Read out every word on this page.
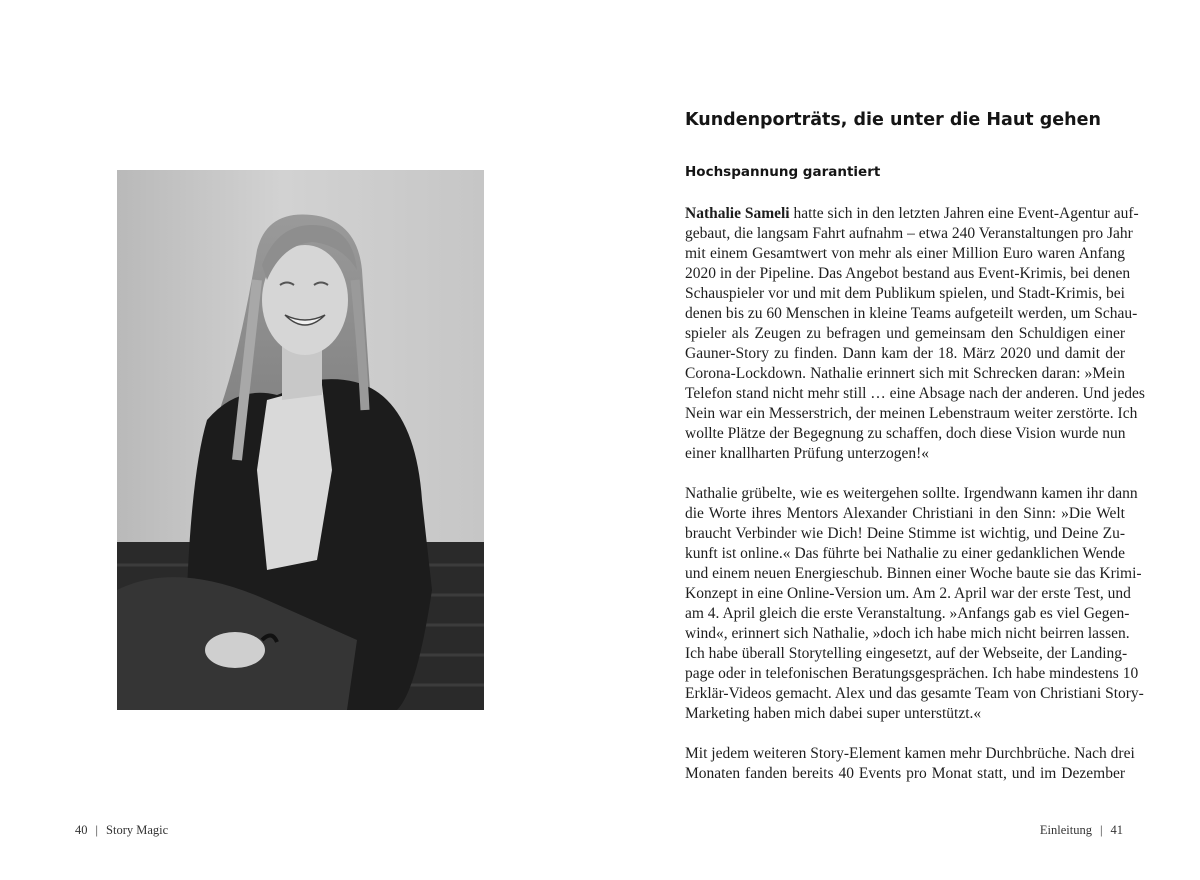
40 | Story Magic
Kundenporträts, die unter die Haut gehen
Hochspannung garantiert
Nathalie Sameli hatte sich in den letzten Jahren eine Event-Agentur auf-
gebaut, die langsam Fahrt aufnahm – etwa 240 Veranstaltungen pro Jahr
mit einem Gesamtwert von mehr als einer Million Euro waren Anfang
2020 in der Pipeline. Das Angebot bestand aus Event-Krimis, bei denen
Schauspieler vor und mit dem Publikum spielen, und Stadt-Krimis, bei
denen bis zu 60 Menschen in kleine Teams aufgeteilt werden, um Schau-
spieler als Zeugen zu befragen und gemeinsam den Schuldigen einer
Gauner-Story zu finden. Dann kam der 18. März 2020 und damit der
Corona-Lockdown. Nathalie erinnert sich mit Schrecken daran: »Mein
Telefon stand nicht mehr still … eine Absage nach der anderen. Und jedes
Nein war ein Messerstrich, der meinen Lebenstraum weiter zerstörte. Ich
wollte Plätze der Begegnung zu schaffen, doch diese Vision wurde nun
einer knallharten Prüfung unterzogen!«
Nathalie grübelte, wie es weitergehen sollte. Irgendwann kamen ihr dann
die Worte ihres Mentors Alexander Christiani in den Sinn: »Die Welt
braucht Verbinder wie Dich! Deine Stimme ist wichtig, und Deine Zu-
kunft ist online.« Das führte bei Nathalie zu einer gedanklichen Wende
und einem neuen Energieschub. Binnen einer Woche baute sie das Krimi-
Konzept in eine Online-Version um. Am 2. April war der erste Test, und
am 4. April gleich die erste Veranstaltung. »Anfangs gab es viel Gegen-
wind«, erinnert sich Nathalie, »doch ich habe mich nicht beirren lassen.
Ich habe überall Storytelling eingesetzt, auf der Webseite, der Landing-
page oder in telefonischen Beratungsgesprächen. Ich habe mindestens 10
Erklär-Videos gemacht. Alex und das gesamte Team von Christiani Story-
Marketing haben mich dabei super unterstützt.«
Mit jedem weiteren Story-Element kamen mehr Durchbrüche. Nach drei
Monaten fanden bereits 40 Events pro Monat statt, und im Dezember
Einleitung | 41
